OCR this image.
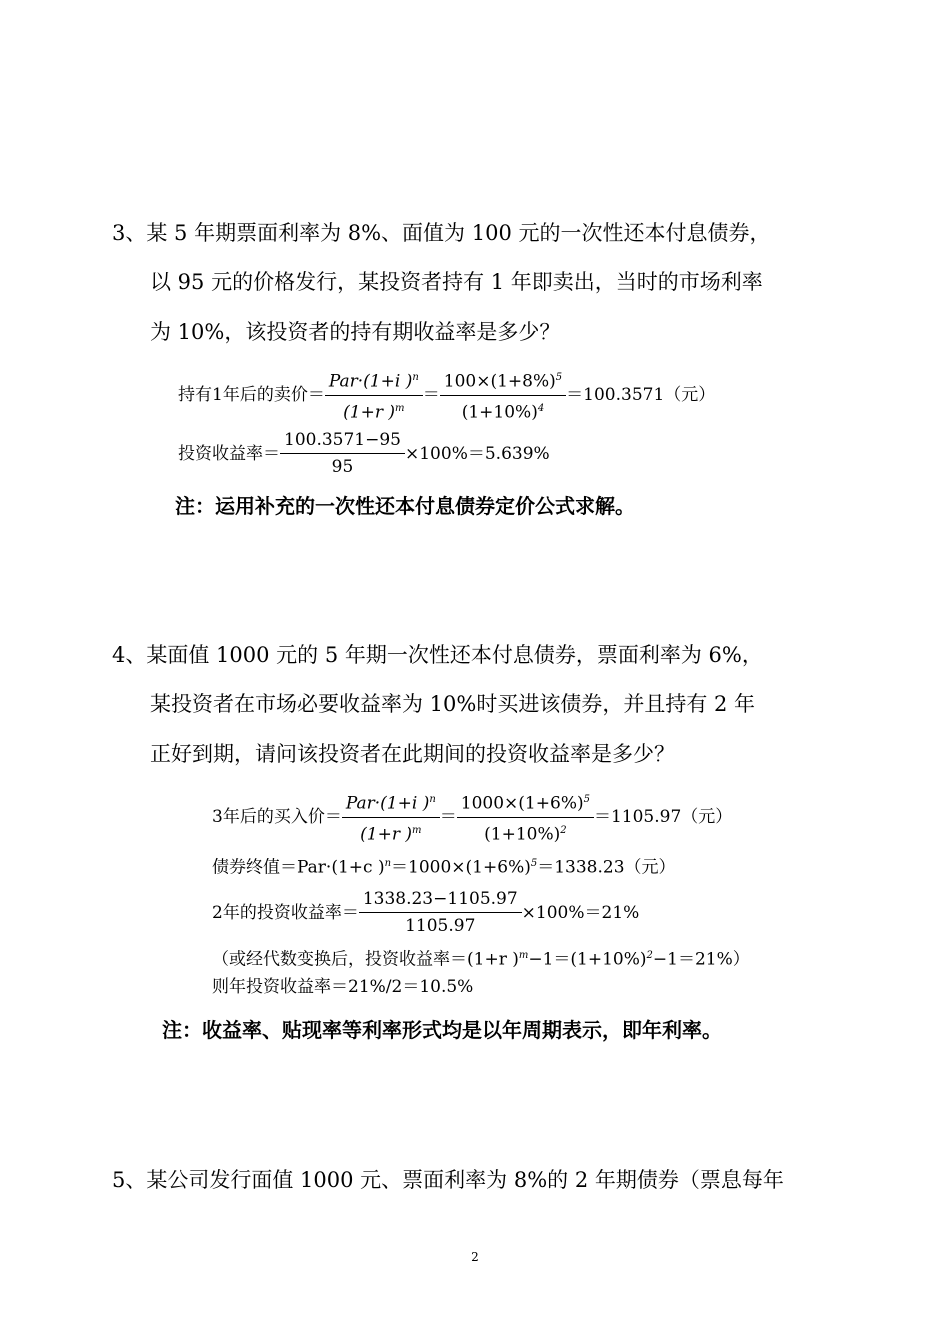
3、某 5 年期票面利率为 8%、面值为 100 元的一次性还本付息债券，
以 95 元的价格发行，某投资者持有 1 年即卖出，当时的市场利率
为 10%，该投资者的持有期收益率是多少？
持有1年后的卖价＝ $\frac{Par\cdot(1+i )^n}{(1+r )^m} = \frac{100\times(1+8\%)^5}{(1+10\%)^4} =100.3571$（元）
投资收益率＝ $\frac{100.3571-95}{95} \times 100\%=5.639\%$
注：运用补充的一次性还本付息债券定价公式求解。
4、某面值 1000 元的 5 年期一次性还本付息债券，票面利率为 6%，
某投资者在市场必要收益率为 10%时买进该债券，并且持有 2 年
正好到期，请问该投资者在此期间的投资收益率是多少？
3年后的买入价＝ $\frac{Par\cdot(1+i )^n}{(1+r )^m} = \frac{1000\times(1+6\%)^5}{(1+10\%)^2} =1105.97$（元）
债券终值＝Par·(1+c )$^n=1000\times(1+6\%)^5=1338.23$（元）
2年的投资收益率＝ $\frac{1338.23-1105.97}{1105.97} \times 100\%=21\%$
（或经代数变换后，投资收益率＝(1+r )$^m-1=(1+10\%)^2-1=21\%$）
则年投资收益率＝21%/2＝10.5%
注：收益率、贴现率等利率形式均是以年周期表示，即年利率。
5、某公司发行面值 1000 元、票面利率为 8%的 2 年期债券（票息每年
2
